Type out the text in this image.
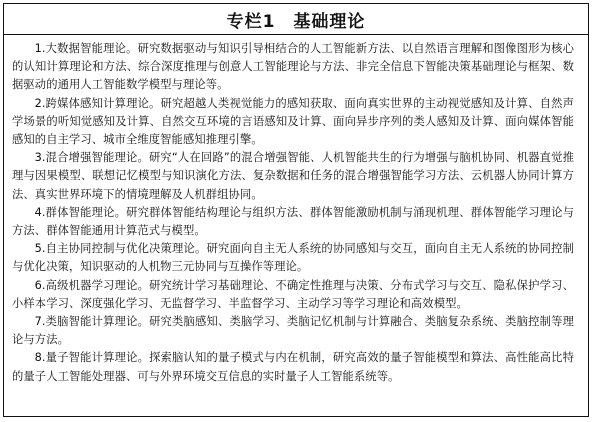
专栏1 基础理论

1.大数据智能理论。研究数据驱动与知识引导相结合的人工智能新方法、以自然语言理解和图像图形为核心的认知计算理论和方法、综合深度推理与创意人工智能理论与方法、非完全信息下智能决策基础理论与框架、数据驱动的通用人工智能数学模型与理论等。

2.跨媒体感知计算理论。研究超越人类视觉能力的感知获取、面向真实世界的主动视觉感知及计算、自然声学场景的听知觉感知及计算、自然交互环境的言语感知及计算、面向异步序列的类人感知及计算、面向媒体智能感知的自主学习、城市全维度智能感知推理引擎。

3.混合增强智能理论。研究“人在回路”的混合增强智能、人机智能共生的行为增强与脑机协同、机器直觉推理与因果模型、联想记忆模型与知识演化方法、复杂数据和任务的混合增强智能学习方法、云机器人协同计算方法、真实世界环境下的情境理解及人机群组协同。

4.群体智能理论。研究群体智能结构理论与组织方法、群体智能激励机制与涌现机理、群体智能学习理论与方法、群体智能通用计算范式与模型。

5.自主协同控制与优化决策理论。研究面向自主无人系统的协同感知与交互，面向自主无人系统的协同控制与优化决策，知识驱动的人机物三元协同与互操作等理论。

6.高级机器学习理论。研究统计学习基础理论、不确定性推理与决策、分布式学习与交互、隐私保护学习、小样本学习、深度强化学习、无监督学习、半监督学习、主动学习等学习理论和高效模型。

7.类脑智能计算理论。研究类脑感知、类脑学习、类脑记忆机制与计算融合、类脑复杂系统、类脑控制等理论与方法。

8.量子智能计算理论。探索脑认知的量子模式与内在机制，研究高效的量子智能模型和算法、高性能高比特的量子人工智能处理器、可与外界环境交互信息的实时量子人工智能系统等。
